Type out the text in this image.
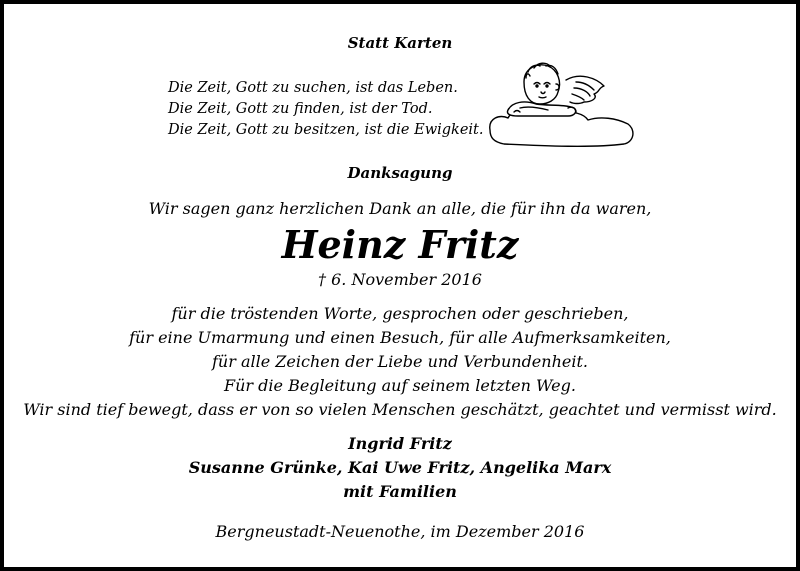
Statt Karten
Die Zeit, Gott zu suchen, ist das Leben.
Die Zeit, Gott zu finden, ist der Tod.
Die Zeit, Gott zu besitzen, ist die Ewigkeit.
Danksagung
Wir sagen ganz herzlichen Dank an alle, die für ihn da waren,
Heinz Fritz
† 6. November 2016
für die tröstenden Worte, gesprochen oder geschrieben,
für eine Umarmung und einen Besuch, für alle Aufmerksamkeiten,
für alle Zeichen der Liebe und Verbundenheit.
Für die Begleitung auf seinem letzten Weg.
Wir sind tief bewegt, dass er von so vielen Menschen geschätzt, geachtet und vermisst wird.
Ingrid Fritz
Susanne Grünke, Kai Uwe Fritz, Angelika Marx
mit Familien
Bergneustadt-Neuenothe, im Dezember 2016
